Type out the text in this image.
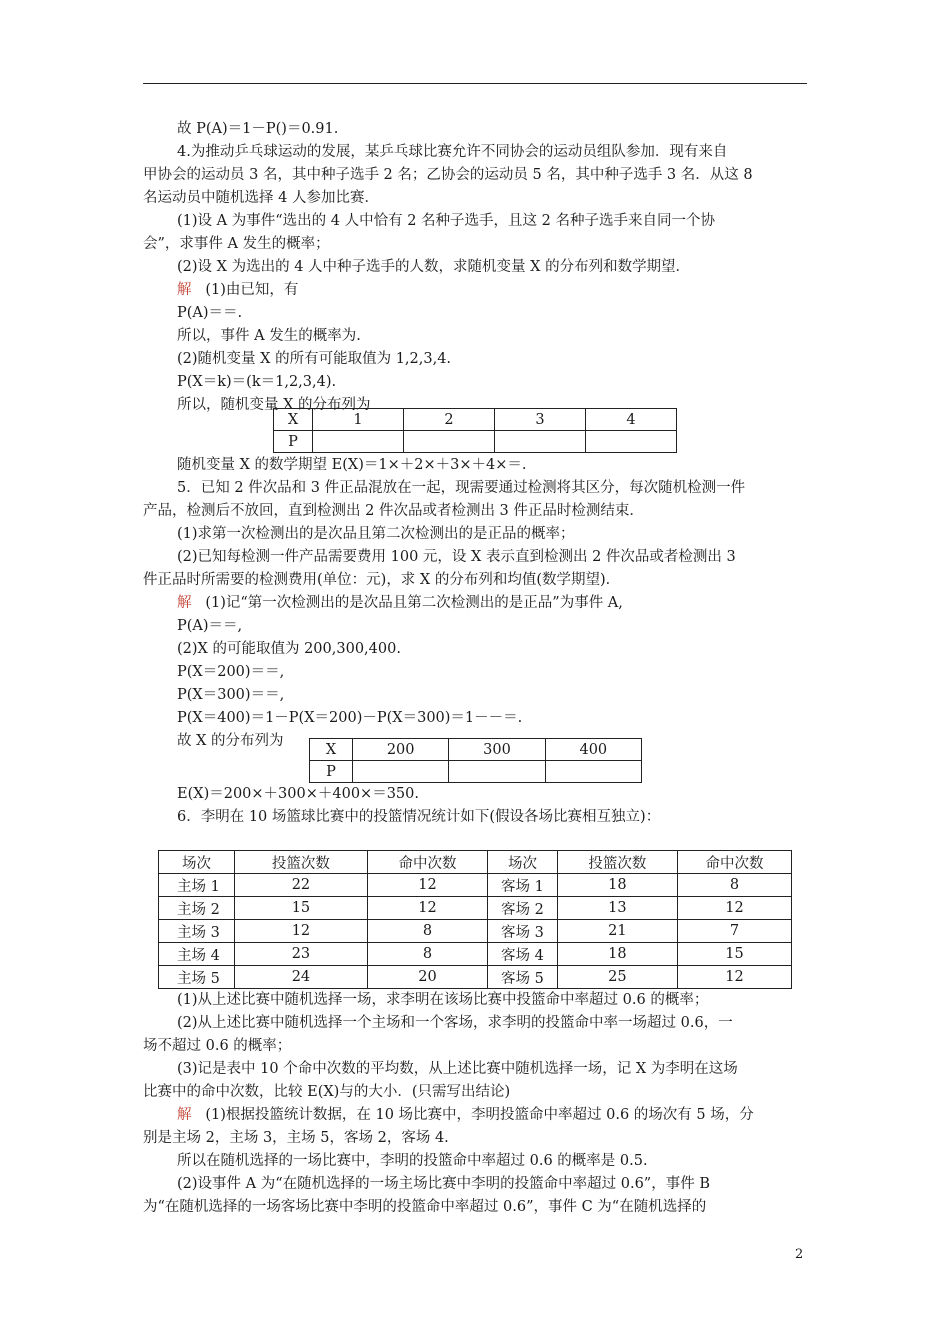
故 P(A)＝1－P()＝0.91.
4.为推动乒乓球运动的发展，某乒乓球比赛允许不同协会的运动员组队参加．现有来自
甲协会的运动员 3 名，其中种子选手 2 名；乙协会的运动员 5 名，其中种子选手 3 名．从这 8
名运动员中随机选择 4 人参加比赛．
(1)设 A 为事件“选出的 4 人中恰有 2 名种子选手，且这 2 名种子选手来自同一个协
会”，求事件 A 发生的概率；
(2)设 X 为选出的 4 人中种子选手的人数，求随机变量 X 的分布列和数学期望．
解 (1)由已知，有
P(A)＝＝.
所以，事件 A 发生的概率为.
(2)随机变量 X 的所有可能取值为 1,2,3,4.
P(X＝k)＝(k＝1,2,3,4).
所以，随机变量 X 的分布列为
X	1	2	3	4
P				
随机变量 X 的数学期望 E(X)＝1×＋2×＋3×＋4×＝.
5．已知 2 件次品和 3 件正品混放在一起，现需要通过检测将其区分，每次随机检测一件
产品，检测后不放回，直到检测出 2 件次品或者检测出 3 件正品时检测结束．
(1)求第一次检测出的是次品且第二次检测出的是正品的概率；
(2)已知每检测一件产品需要费用 100 元，设 X 表示直到检测出 2 件次品或者检测出 3
件正品时所需要的检测费用(单位：元)，求 X 的分布列和均值(数学期望)．
解 (1)记“第一次检测出的是次品且第二次检测出的是正品”为事件 A,
P(A)＝＝,
(2)X 的可能取值为 200,300,400.
P(X＝200)＝＝,
P(X＝300)＝＝,
P(X＝400)＝1－P(X＝200)－P(X＝300)＝1－－＝.
故 X 的分布列为
X	200	300	400
P			
E(X)＝200×＋300×＋400×＝350.
6．李明在 10 场篮球比赛中的投篮情况统计如下(假设各场比赛相互独立)：
场次	投篮次数	命中次数	场次	投篮次数	命中次数
主场 1	22	12	客场 1	18	8
主场 2	15	12	客场 2	13	12
主场 3	12	8	客场 3	21	7
主场 4	23	8	客场 4	18	15
主场 5	24	20	客场 5	25	12
(1)从上述比赛中随机选择一场，求李明在该场比赛中投篮命中率超过 0.6 的概率；
(2)从上述比赛中随机选择一个主场和一个客场，求李明的投篮命中率一场超过 0.6，一
场不超过 0.6 的概率；
(3)记是表中 10 个命中次数的平均数，从上述比赛中随机选择一场，记 X 为李明在这场
比赛中的命中次数，比较 E(X)与的大小．(只需写出结论)
解 (1)根据投篮统计数据，在 10 场比赛中，李明投篮命中率超过 0.6 的场次有 5 场，分
别是主场 2，主场 3，主场 5，客场 2，客场 4.
所以在随机选择的一场比赛中，李明的投篮命中率超过 0.6 的概率是 0.5.
(2)设事件 A 为“在随机选择的一场主场比赛中李明的投篮命中率超过 0.6”，事件 B
为“在随机选择的一场客场比赛中李明的投篮命中率超过 0.6”，事件 C 为“在随机选择的
2
